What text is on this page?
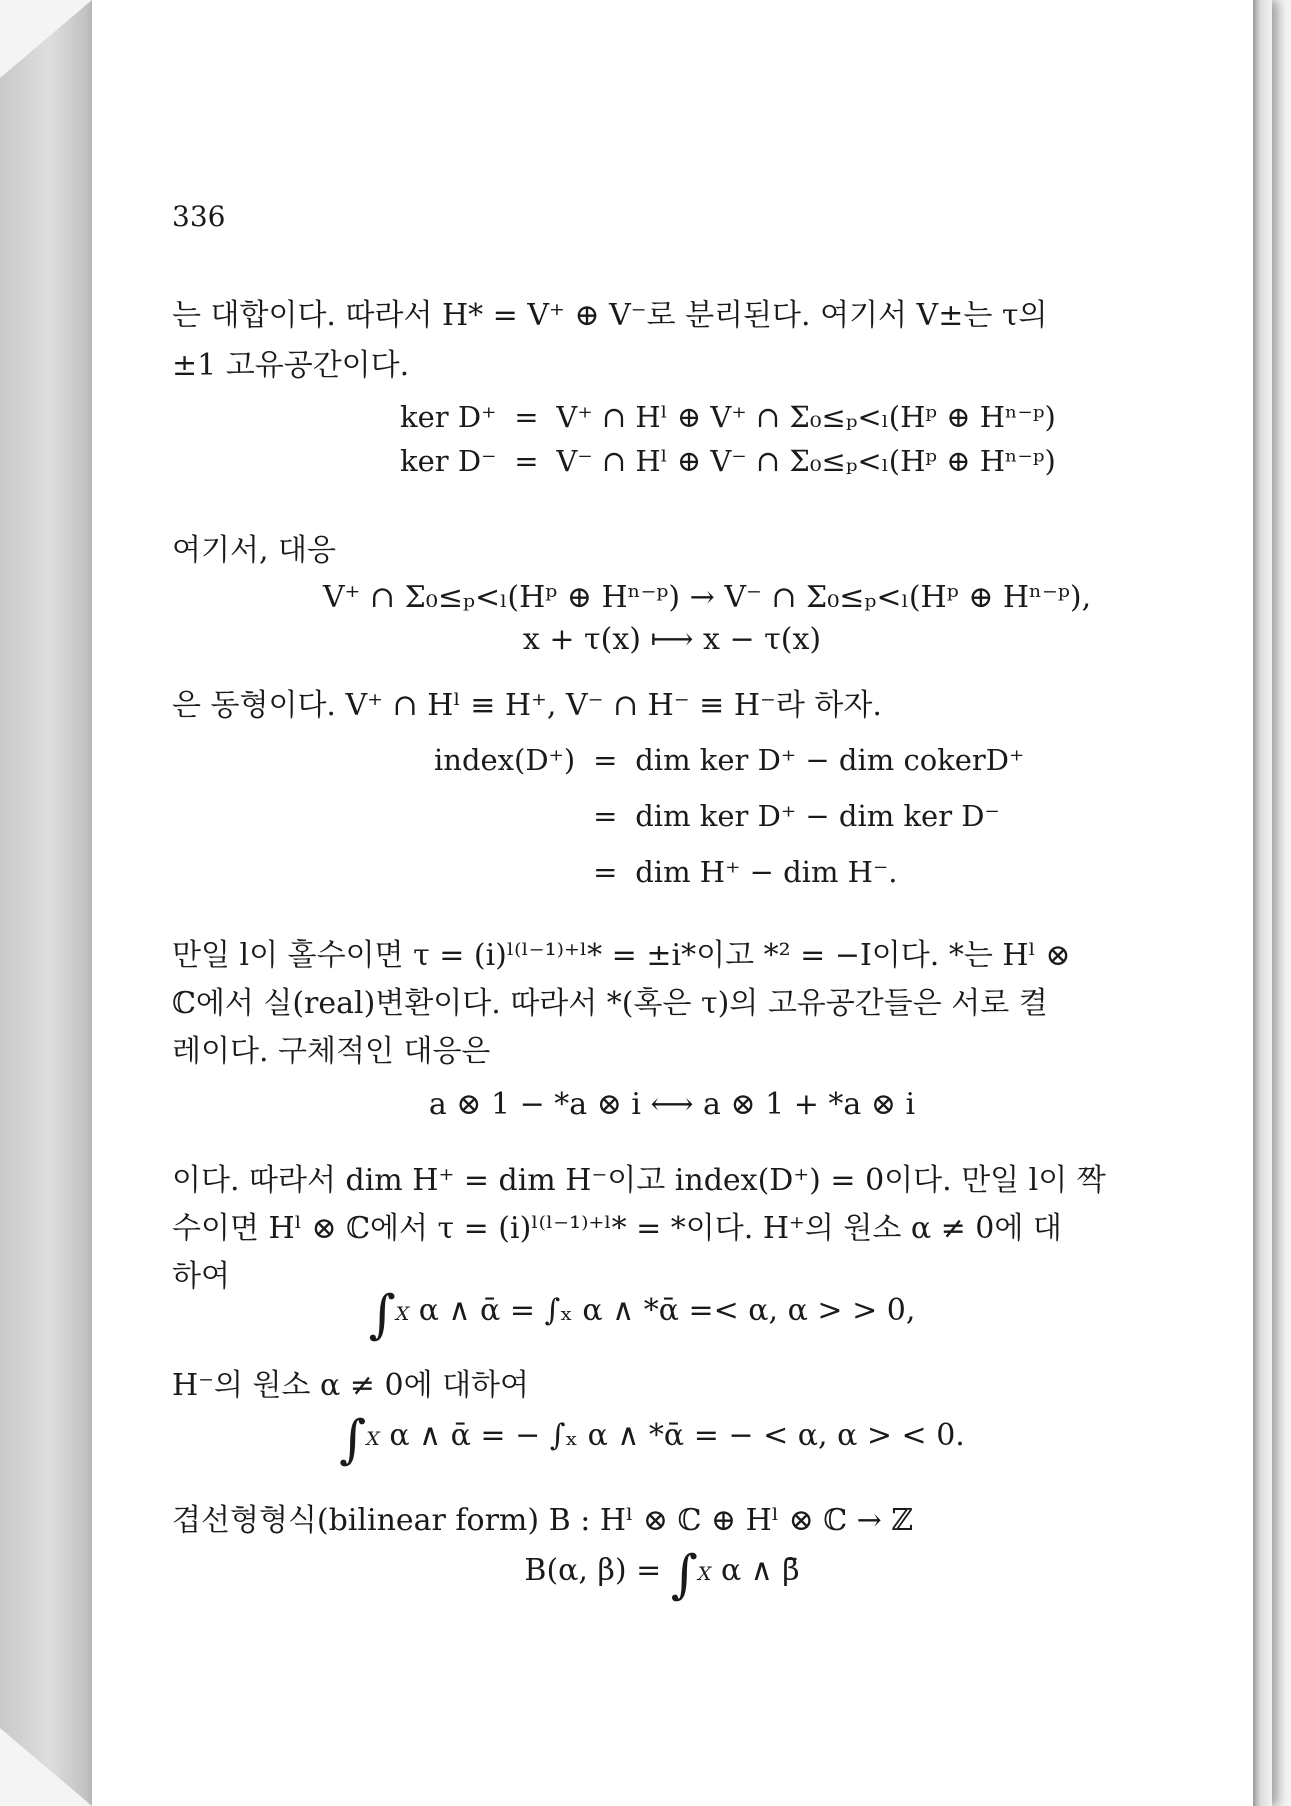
336
는 대합이다. 따라서 H* = V⁺ ⊕ V⁻로 분리된다. 여기서 V±는 τ의
±1 고유공간이다.
ker D⁺ = V⁺ ∩ Hˡ ⊕ V⁺ ∩ Σ₀≤ₚ<ₗ(Hᵖ ⊕ Hⁿ⁻ᵖ)
ker D⁻ = V⁻ ∩ Hˡ ⊕ V⁻ ∩ Σ₀≤ₚ<ₗ(Hᵖ ⊕ Hⁿ⁻ᵖ)
여기서, 대응
V⁺ ∩ Σ₀≤ₚ<ₗ(Hᵖ ⊕ Hⁿ⁻ᵖ) → V⁻ ∩ Σ₀≤ₚ<ₗ(Hᵖ ⊕ Hⁿ⁻ᵖ),
x + τ(x) ⟼ x − τ(x)
은 동형이다. V⁺ ∩ Hˡ ≡ H⁺, V⁻ ∩ H⁻ ≡ H⁻라 하자.
index(D⁺) = dim ker D⁺ − dim cokerD⁺
= dim ker D⁺ − dim ker D⁻
= dim H⁺ − dim H⁻.
만일 l이 홀수이면 τ = (i)ˡ⁽ˡ⁻¹⁾⁺ˡ* = ±i*이고 *² = −I이다. *는 Hˡ ⊗
ℂ에서 실(real)변환이다. 따라서 *(혹은 τ)의 고유공간들은 서로 켤
레이다. 구체적인 대응은
a ⊗ 1 − *a ⊗ i ⟷ a ⊗ 1 + *a ⊗ i
이다. 따라서 dim H⁺ = dim H⁻이고 index(D⁺) = 0이다. 만일 l이 짝
수이면 Hˡ ⊗ ℂ에서 τ = (i)ˡ⁽ˡ⁻¹⁾⁺ˡ* = *이다. H⁺의 원소 α ≠ 0에 대
하여
∫X α ∧ ᾱ = ∫ₓ α ∧ *ᾱ =< α, α > > 0,
H⁻의 원소 α ≠ 0에 대하여
∫X α ∧ ᾱ = − ∫ₓ α ∧ *ᾱ = − < α, α > < 0.
겹선형형식(bilinear form) B : Hˡ ⊗ ℂ ⊕ Hˡ ⊗ ℂ → ℤ
B(α, β) = ∫X α ∧ β̄
